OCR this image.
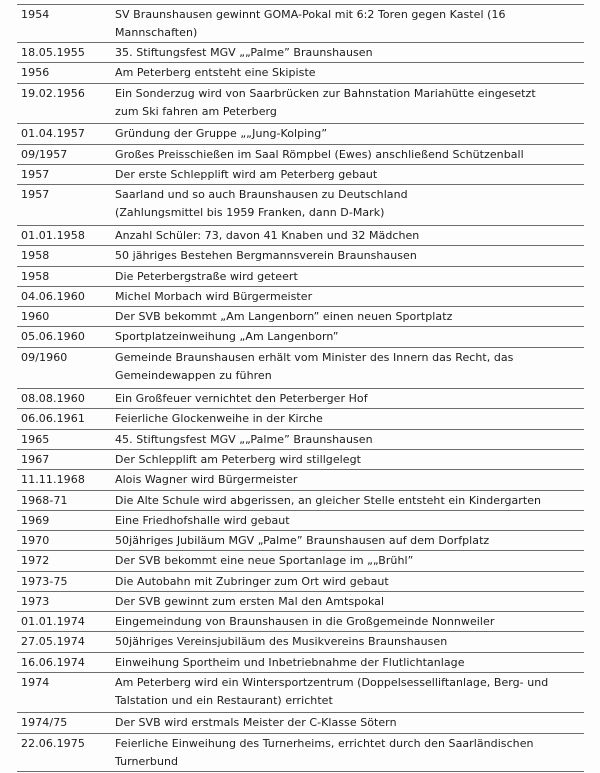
1954	SV Braunshausen gewinnt GOMA-Pokal mit 6:2 Toren gegen Kastel (16
Mannschaften)
18.05.1955	35. Stiftungsfest MGV „„Palme” Braunshausen
1956	Am Peterberg entsteht eine Skipiste
19.02.1956	Ein Sonderzug wird von Saarbrücken zur Bahnstation Mariahütte eingesetzt
zum Ski fahren am Peterberg
01.04.1957	Gründung der Gruppe „„Jung-Kolping”
09/1957	Großes Preisschießen im Saal Römpbel (Ewes) anschließend Schützenball
1957	Der erste Schlepplift wird am Peterberg gebaut
1957	Saarland und so auch Braunshausen zu Deutschland
(Zahlungsmittel bis 1959 Franken, dann D-Mark)
01.01.1958	Anzahl Schüler: 73, davon 41 Knaben und 32 Mädchen
1958	50 jähriges Bestehen Bergmannsverein Braunshausen
1958	Die Peterbergstraße wird geteert
04.06.1960	Michel Morbach wird Bürgermeister
1960	Der SVB bekommt „Am Langenborn” einen neuen Sportplatz
05.06.1960	Sportplatzeinweihung „Am Langenborn”
09/1960	Gemeinde Braunshausen erhält vom Minister des Innern das Recht, das
Gemeindewappen zu führen
08.08.1960	Ein Großfeuer vernichtet den Peterberger Hof
06.06.1961	Feierliche Glockenweihe in der Kirche
1965	45. Stiftungsfest MGV „„Palme” Braunshausen
1967	Der Schlepplift am Peterberg wird stillgelegt
11.11.1968	Alois Wagner wird Bürgermeister
1968-71	Die Alte Schule wird abgerissen, an gleicher Stelle entsteht ein Kindergarten
1969	Eine Friedhofshalle wird gebaut
1970	50jähriges Jubiläum MGV „Palme” Braunshausen auf dem Dorfplatz
1972	Der SVB bekommt eine neue Sportanlage im „„Brühl”
1973-75	Die Autobahn mit Zubringer zum Ort wird gebaut
1973	Der SVB gewinnt zum ersten Mal den Amtspokal
01.01.1974	Eingemeindung von Braunshausen in die Großgemeinde Nonnweiler
27.05.1974	50jähriges Vereinsjubiläum des Musikvereins Braunshausen
16.06.1974	Einweihung Sportheim und Inbetriebnahme der Flutlichtanlage
1974	Am Peterberg wird ein Wintersportzentrum (Doppelsesselliftanlage, Berg- und
Talstation und ein Restaurant) errichtet
1974/75	Der SVB wird erstmals Meister der C-Klasse Sötern
22.06.1975	Feierliche Einweihung des Turnerheims, errichtet durch den Saarländischen
Turnerbund
